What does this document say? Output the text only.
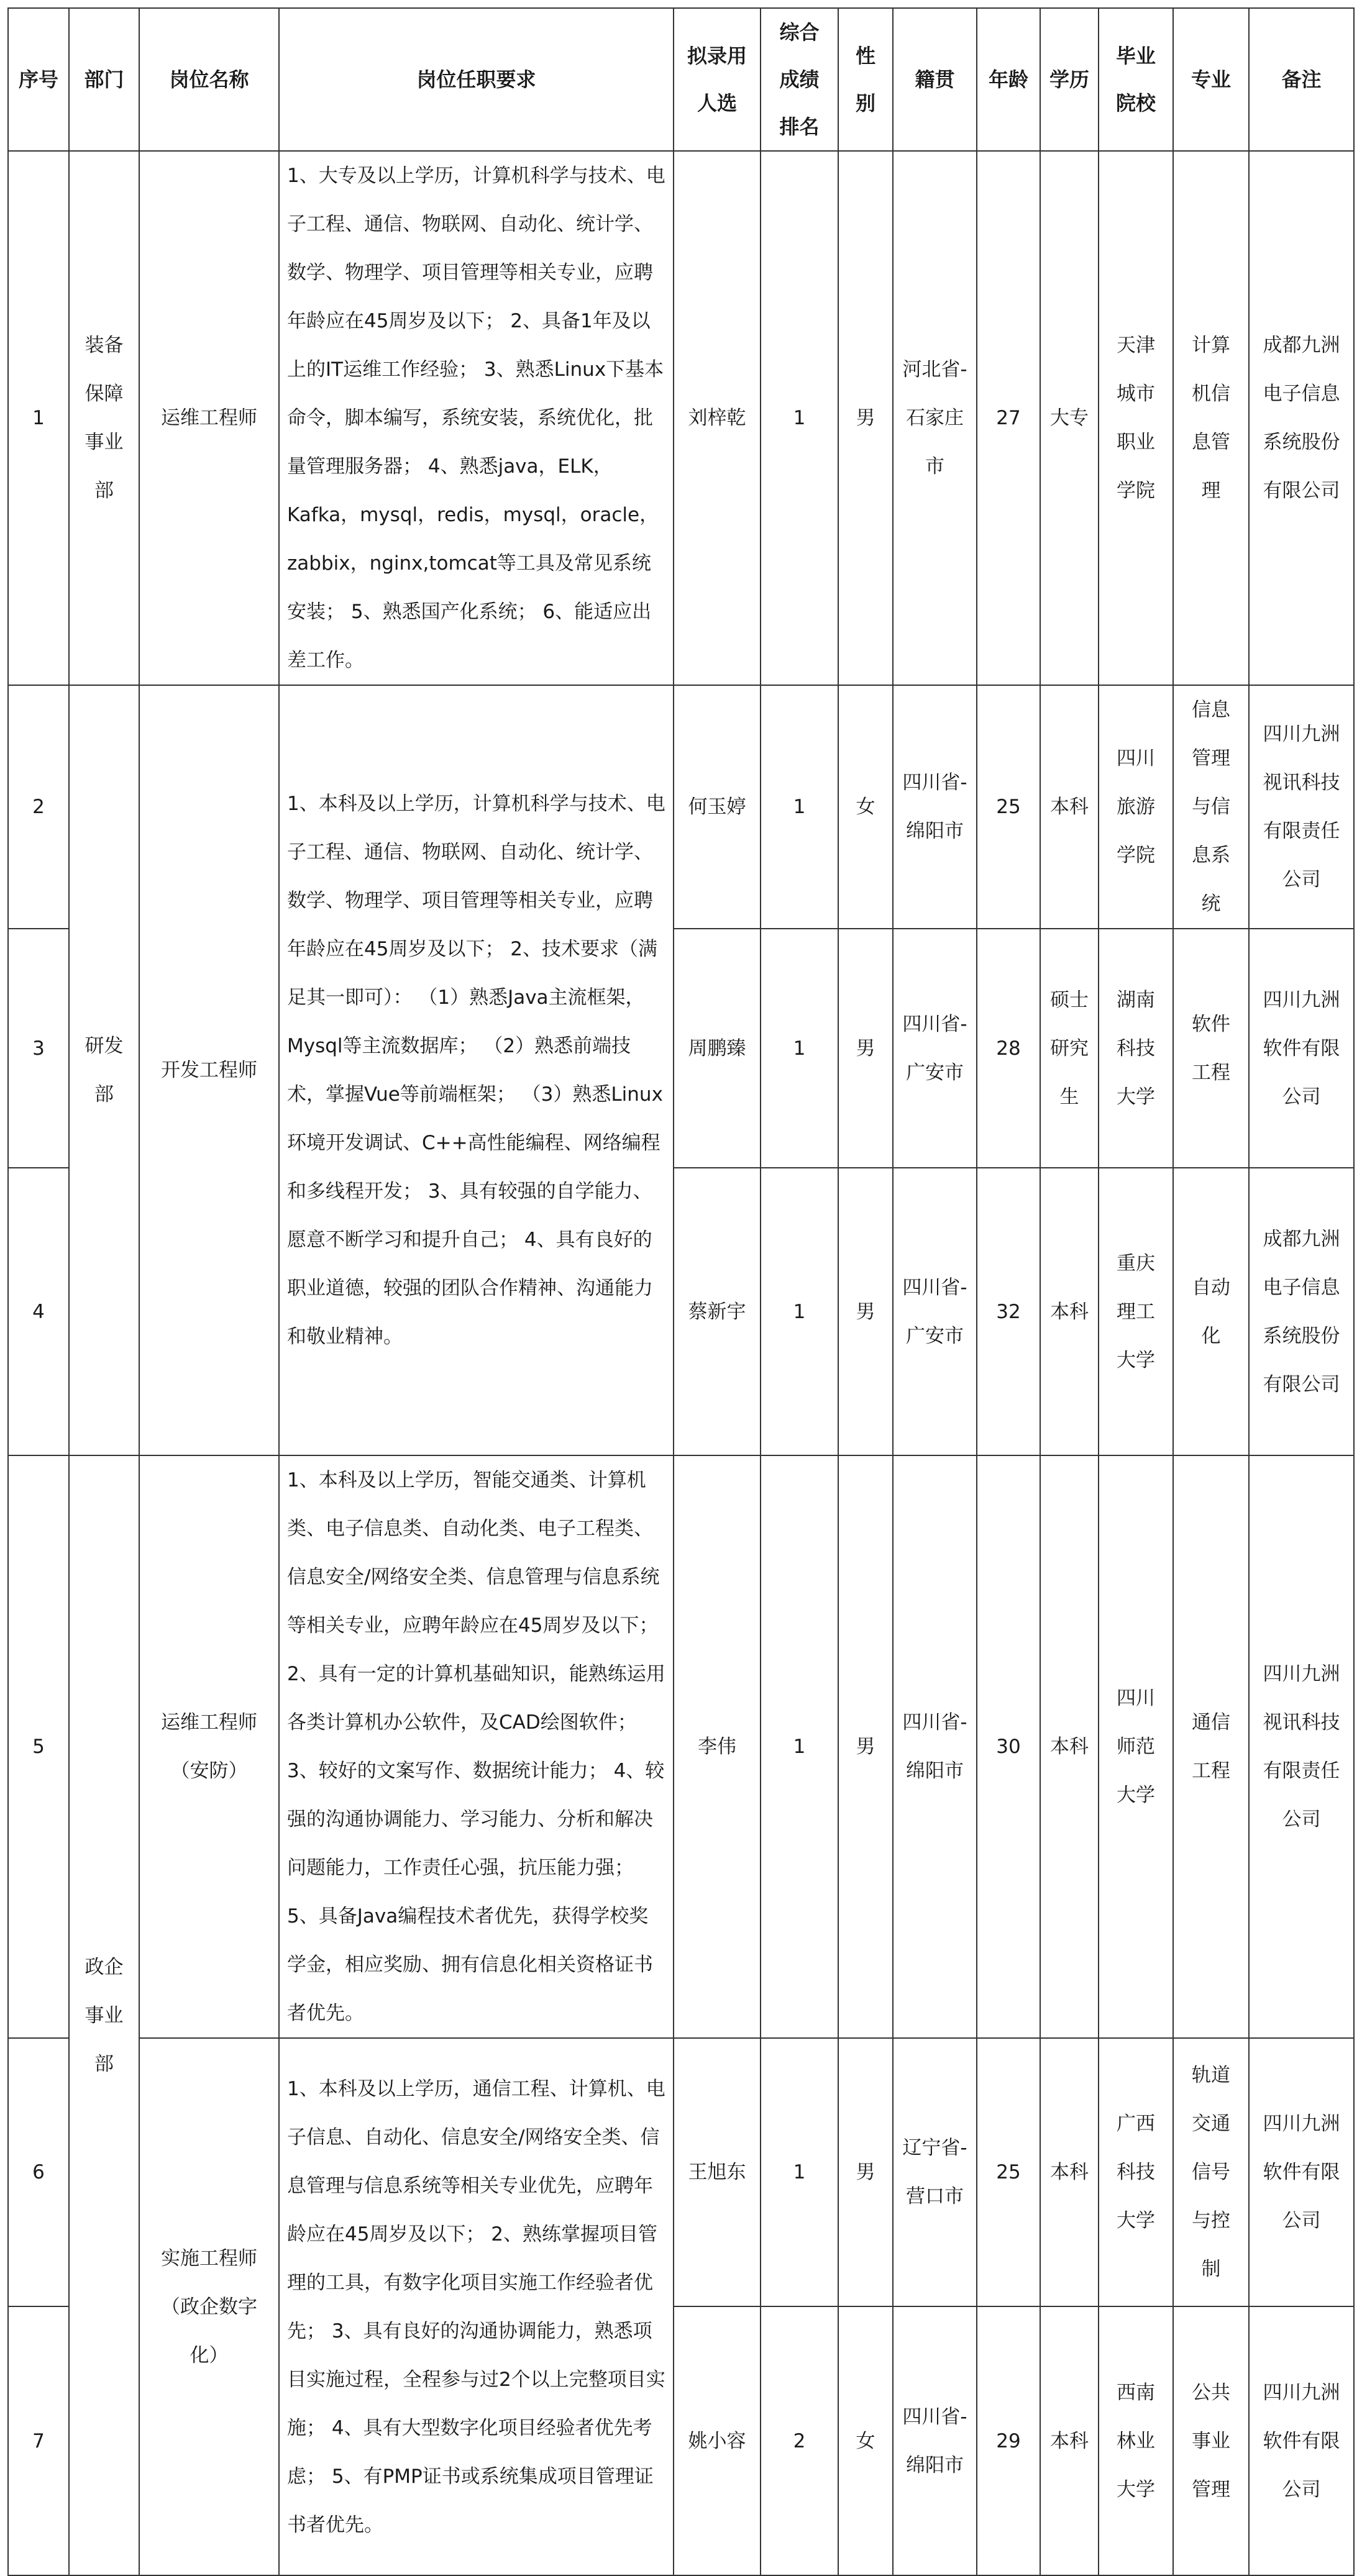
序号	部门	岗位名称	岗位任职要求	拟录用人选	综合成绩排名	性别	籍贯	年龄	学历	毕业院校	专业	备注
1	装备保障事业部	运维工程师	1、大专及以上学历，计算机科学与技术、电子工程、通信、物联网、自动化、统计学、数学、物理学、项目管理等相关专业，应聘年龄应在45周岁及以下； 2、具备1年及以上的IT运维工作经验； 3、熟悉Linux下基本命令，脚本编写，系统安装，系统优化，批量管理服务器； 4、熟悉java，ELK，Kafka，mysql，redis，mysql，oracle，zabbix，nginx,tomcat等工具及常见系统安装； 5、熟悉国产化系统； 6、能适应出差工作。	刘梓乾	1	男	河北省-石家庄市	27	大专	天津城市职业学院	计算机信息管理	成都九洲电子信息系统股份有限公司
2	研发部	开发工程师	1、本科及以上学历，计算机科学与技术、电子工程、通信、物联网、自动化、统计学、数学、物理学、项目管理等相关专业，应聘年龄应在45周岁及以下； 2、技术要求（满足其一即可）： （1）熟悉Java主流框架，Mysql等主流数据库； （2）熟悉前端技术，掌握Vue等前端框架； （3）熟悉Linux环境开发调试、C++高性能编程、网络编程和多线程开发； 3、具有较强的自学能力、愿意不断学习和提升自己； 4、具有良好的职业道德，较强的团队合作精神、沟通能力和敬业精神。	何玉婷	1	女	四川省-绵阳市	25	本科	四川旅游学院	信息管理与信息系统	四川九洲视讯科技有限责任公司
3				周鹏臻	1	男	四川省-广安市	28	硕士研究生	湖南科技大学	软件工程	四川九洲软件有限公司
4				蔡新宇	1	男	四川省-广安市	32	本科	重庆理工大学	自动化	成都九洲电子信息系统股份有限公司
5	政企事业部	运维工程师（安防）	1、本科及以上学历，智能交通类、计算机类、电子信息类、自动化类、电子工程类、信息安全/网络安全类、信息管理与信息系统等相关专业，应聘年龄应在45周岁及以下； 2、具有一定的计算机基础知识，能熟练运用各类计算机办公软件，及CAD绘图软件； 3、较好的文案写作、数据统计能力； 4、较强的沟通协调能力、学习能力、分析和解决问题能力，工作责任心强，抗压能力强； 5、具备Java编程技术者优先，获得学校奖学金，相应奖励、拥有信息化相关资格证书者优先。	李伟	1	男	四川省-绵阳市	30	本科	四川师范大学	通信工程	四川九洲视讯科技有限责任公司
6		实施工程师（政企数字化）	1、本科及以上学历，通信工程、计算机、电子信息、自动化、信息安全/网络安全类、信息管理与信息系统等相关专业优先，应聘年龄应在45周岁及以下； 2、熟练掌握项目管理的工具，有数字化项目实施工作经验者优先； 3、具有良好的沟通协调能力，熟悉项目实施过程，全程参与过2个以上完整项目实施； 4、具有大型数字化项目经验者优先考虑； 5、有PMP证书或系统集成项目管理证书者优先。	王旭东	1	男	辽宁省-营口市	25	本科	广西科技大学	轨道交通信号与控制	四川九洲软件有限公司
7				姚小容	2	女	四川省-绵阳市	29	本科	西南林业大学	公共事业管理	四川九洲软件有限公司
